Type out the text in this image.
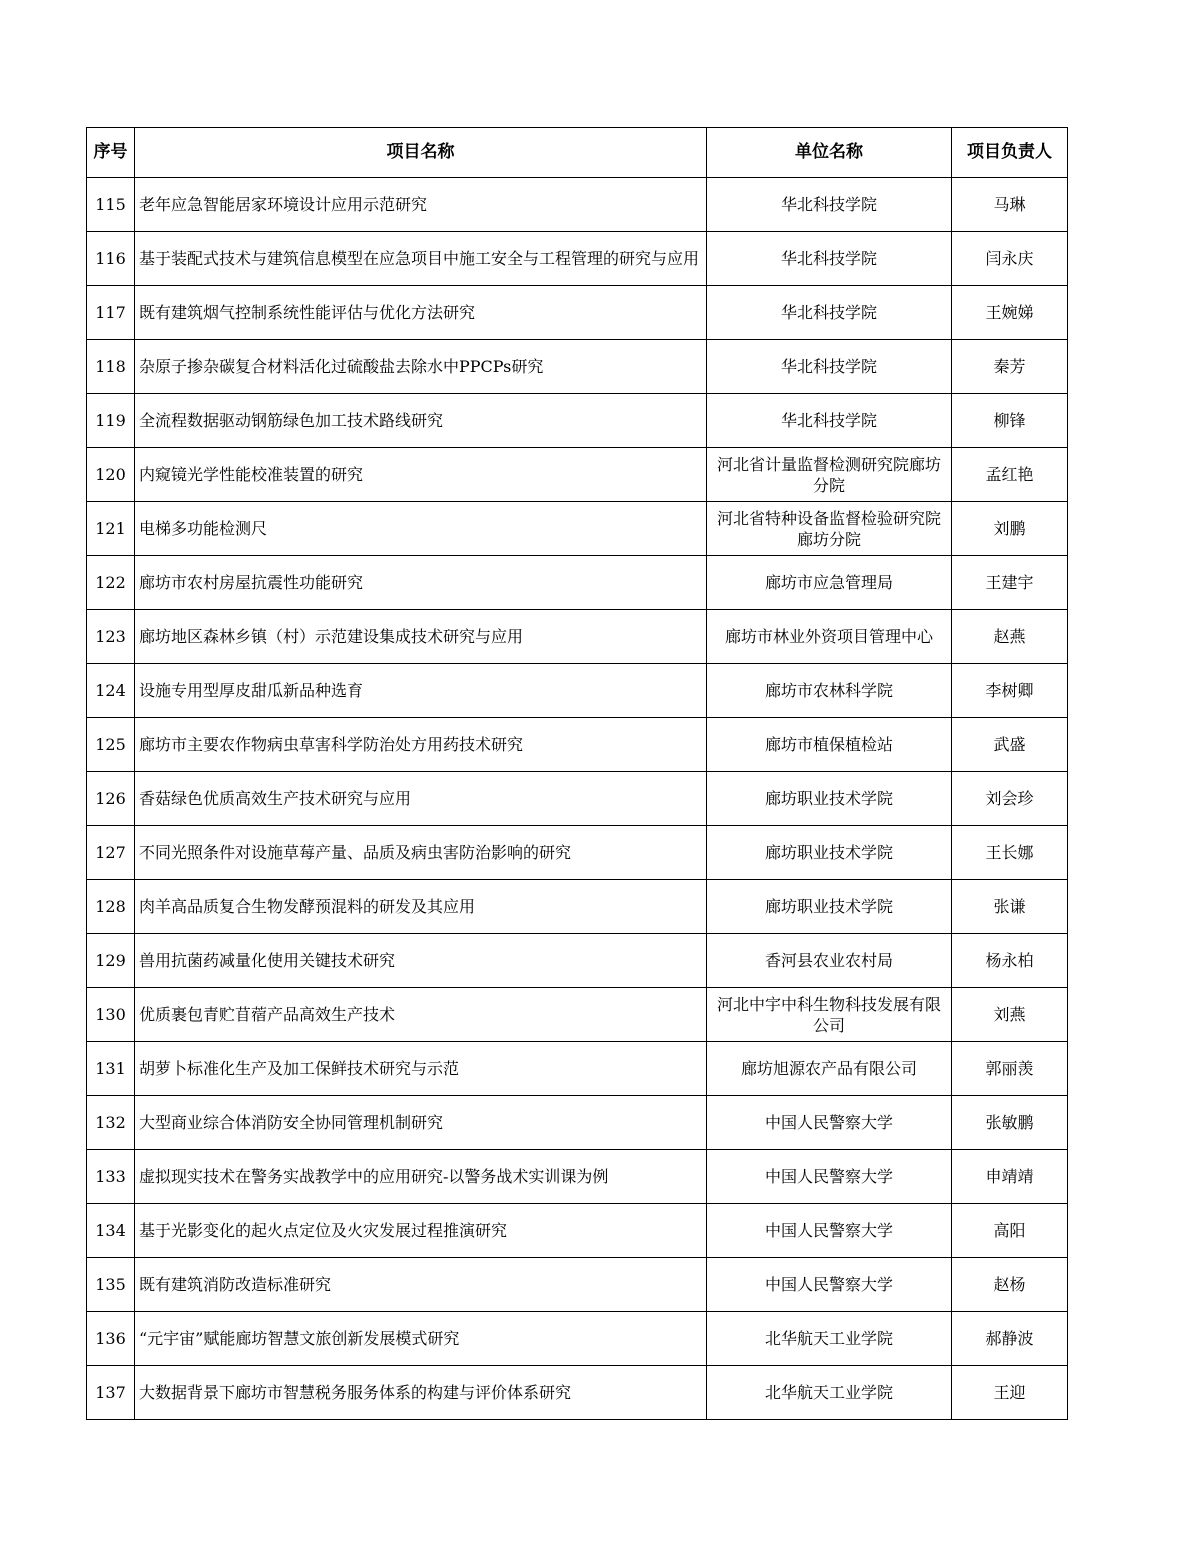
序号	项目名称	单位名称	项目负责人
115	老年应急智能居家环境设计应用示范研究	华北科技学院	马琳
116	基于装配式技术与建筑信息模型在应急项目中施工安全与工程管理的研究与应用	华北科技学院	闫永庆
117	既有建筑烟气控制系统性能评估与优化方法研究	华北科技学院	王婉娣
118	杂原子掺杂碳复合材料活化过硫酸盐去除水中PPCPs研究	华北科技学院	秦芳
119	全流程数据驱动钢筋绿色加工技术路线研究	华北科技学院	柳锋
120	内窥镜光学性能校准装置的研究	河北省计量监督检测研究院廊坊分院	孟红艳
121	电梯多功能检测尺	河北省特种设备监督检验研究院廊坊分院	刘鹏
122	廊坊市农村房屋抗震性功能研究	廊坊市应急管理局	王建宇
123	廊坊地区森林乡镇（村）示范建设集成技术研究与应用	廊坊市林业外资项目管理中心	赵燕
124	设施专用型厚皮甜瓜新品种选育	廊坊市农林科学院	李树卿
125	廊坊市主要农作物病虫草害科学防治处方用药技术研究	廊坊市植保植检站	武盛
126	香菇绿色优质高效生产技术研究与应用	廊坊职业技术学院	刘会珍
127	不同光照条件对设施草莓产量、品质及病虫害防治影响的研究	廊坊职业技术学院	王长娜
128	肉羊高品质复合生物发酵预混料的研发及其应用	廊坊职业技术学院	张谦
129	兽用抗菌药减量化使用关键技术研究	香河县农业农村局	杨永柏
130	优质裹包青贮苜蓿产品高效生产技术	河北中宇中科生物科技发展有限公司	刘燕
131	胡萝卜标准化生产及加工保鲜技术研究与示范	廊坊旭源农产品有限公司	郭丽羡
132	大型商业综合体消防安全协同管理机制研究	中国人民警察大学	张敏鹏
133	虚拟现实技术在警务实战教学中的应用研究-以警务战术实训课为例	中国人民警察大学	申靖靖
134	基于光影变化的起火点定位及火灾发展过程推演研究	中国人民警察大学	高阳
135	既有建筑消防改造标准研究	中国人民警察大学	赵杨
136	“元宇宙”赋能廊坊智慧文旅创新发展模式研究	北华航天工业学院	郝静波
137	大数据背景下廊坊市智慧税务服务体系的构建与评价体系研究	北华航天工业学院	王迎
